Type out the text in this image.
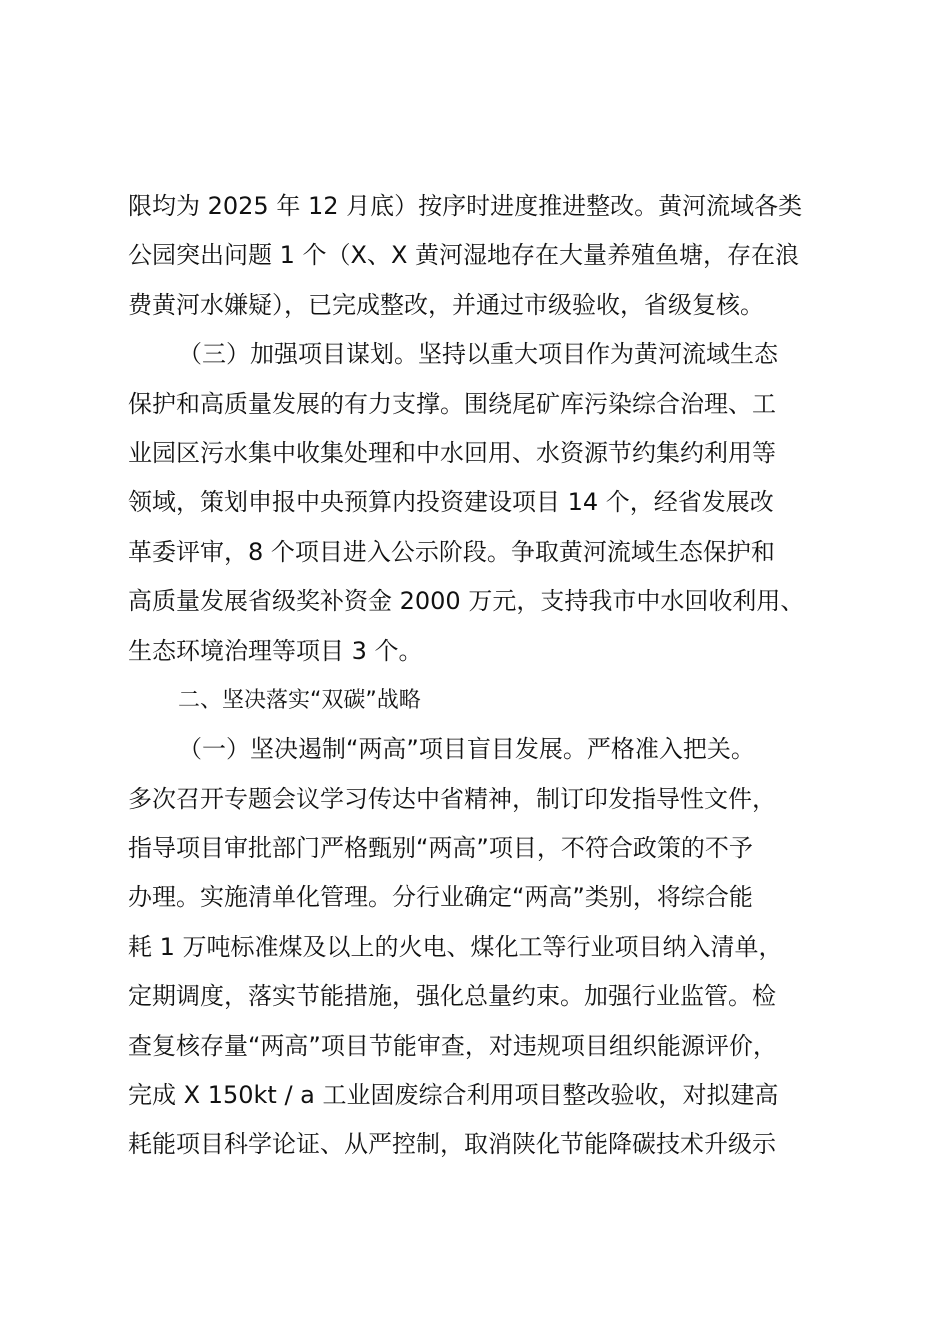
限均为 2025 年 12 月底）按序时进度推进整改。黄河流域各类
公园突出问题 1 个（X、X 黄河湿地存在大量养殖鱼塘，存在浪
费黄河水嫌疑），已完成整改，并通过市级验收，省级复核。
（三）加强项目谋划。坚持以重大项目作为黄河流域生态
保护和高质量发展的有力支撑。围绕尾矿库污染综合治理、工
业园区污水集中收集处理和中水回用、水资源节约集约利用等
领域，策划申报中央预算内投资建设项目 14 个，经省发展改
革委评审，8 个项目进入公示阶段。争取黄河流域生态保护和
高质量发展省级奖补资金 2000 万元，支持我市中水回收利用、
生态环境治理等项目 3 个。
二、坚决落实“双碳”战略
（一）坚决遏制“两高”项目盲目发展。严格准入把关。
多次召开专题会议学习传达中省精神，制订印发指导性文件，
指导项目审批部门严格甄别“两高”项目，不符合政策的不予
办理。实施清单化管理。分行业确定“两高”类别，将综合能
耗 1 万吨标准煤及以上的火电、煤化工等行业项目纳入清单，
定期调度，落实节能措施，强化总量约束。加强行业监管。检
查复核存量“两高”项目节能审查，对违规项目组织能源评价，
完成 X 150kt / a 工业固废综合利用项目整改验收，对拟建高
耗能项目科学论证、从严控制，取消陕化节能降碳技术升级示
